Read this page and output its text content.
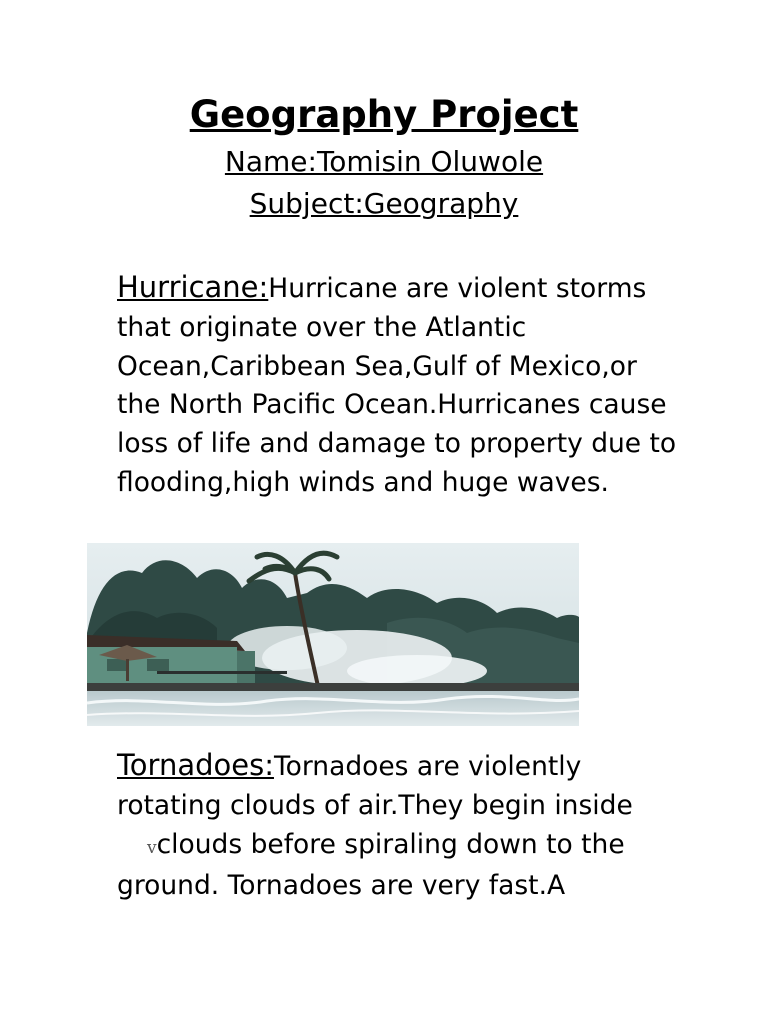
Geography Project
Name:Tomisin Oluwole
Subject:Geography

Hurricane:Hurricane are violent storms that originate over the Atlantic Ocean,Caribbean Sea,Gulf of Mexico,or the North Pacific Ocean.Hurricanes cause loss of life and damage to property due to flooding,high winds and huge waves.

Tornadoes:Tornadoes are violently rotating clouds of air.They begin inside
vclouds before spiraling down to the ground. Tornadoes are very fast.A
